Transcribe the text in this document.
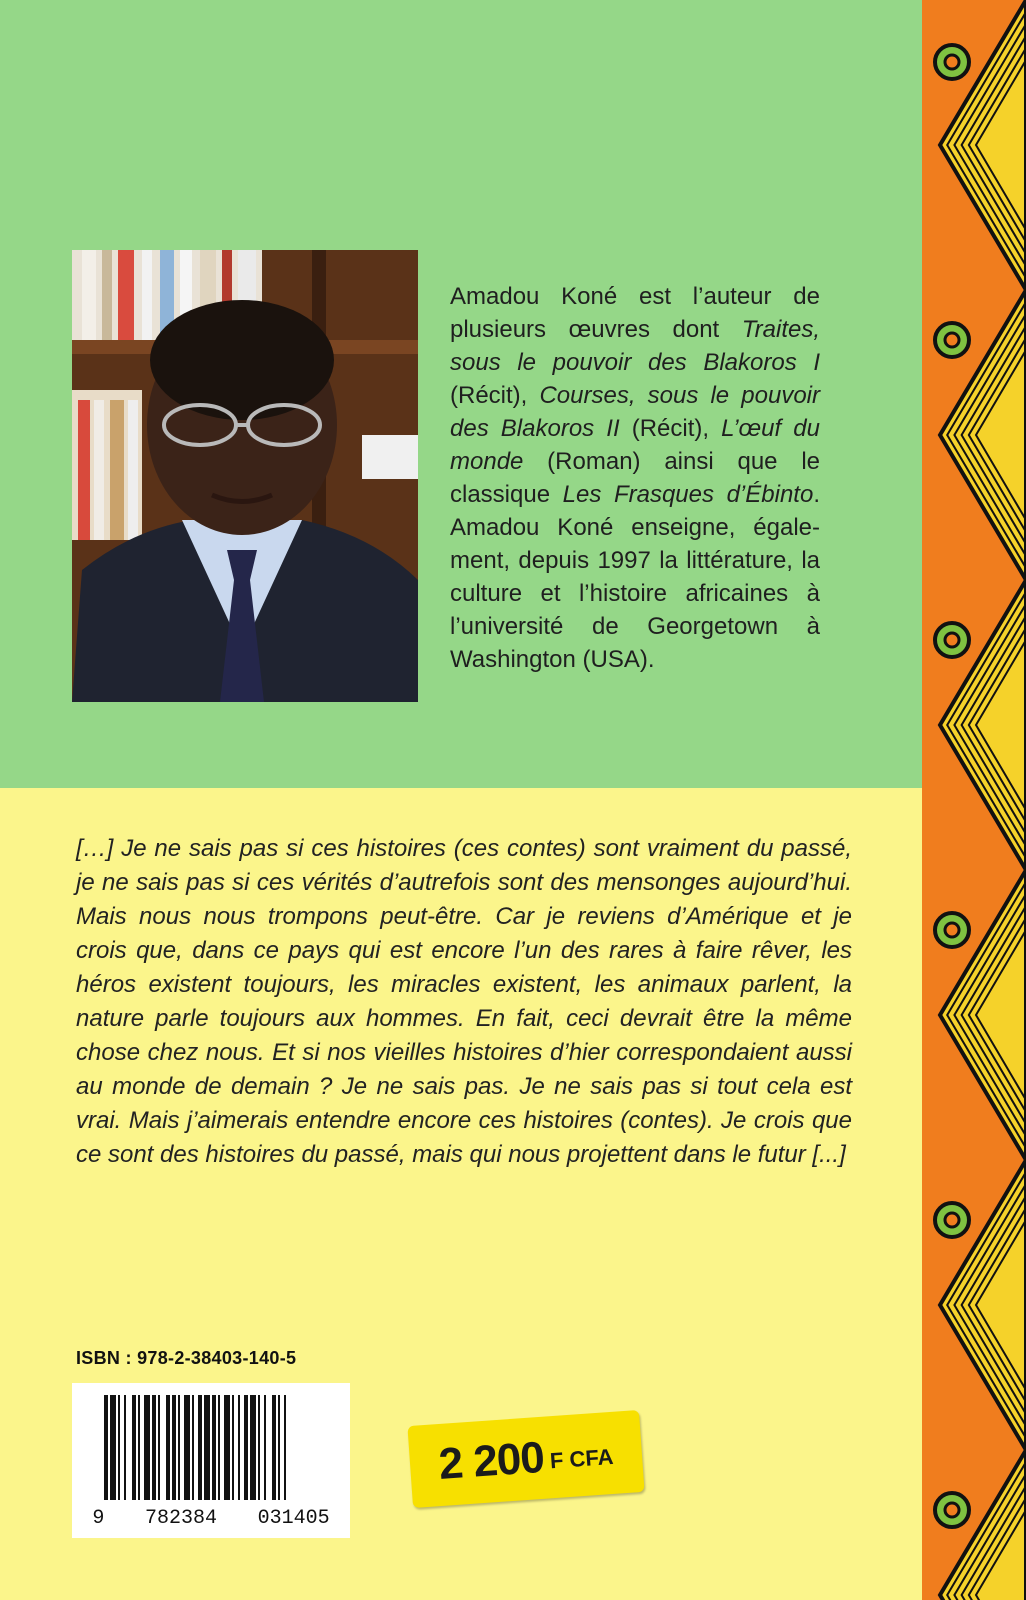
Amadou Koné est l’auteur de plusieurs œuvres dont Traites, sous le pouvoir des Blakoros I (Récit), Courses, sous le pouvoir des Blakoros II (Récit), L’œuf du monde (Roman) ainsi que le classique Les Frasques d’Ébinto. Amadou Koné enseigne, égale-ment, depuis 1997 la littérature, la culture et l’histoire africaines à l’université de Georgetown à Washington (USA).
[…] Je ne sais pas si ces histoires (ces contes) sont vraiment du passé, je ne sais pas si ces vérités d’autrefois sont des mensonges aujourd’hui. Mais nous nous trompons peut-être. Car je reviens d’Amérique et je crois que, dans ce pays qui est encore l’un des rares à faire rêver, les héros existent toujours, les miracles existent, les animaux parlent, la nature parle toujours aux hommes. En fait, ceci devrait être la même chose chez nous. Et si nos vieilles histoires d’hier correspondaient aussi au monde de demain ? Je ne sais pas. Je ne sais pas si tout cela est vrai. Mais j’aimerais entendre encore ces histoires (contes). Je crois que ce sont des histoires du passé, mais qui nous projettent dans le futur [...]
ISBN : 978-2-38403-140-5
9 782384 031405
2 200 F CFA
